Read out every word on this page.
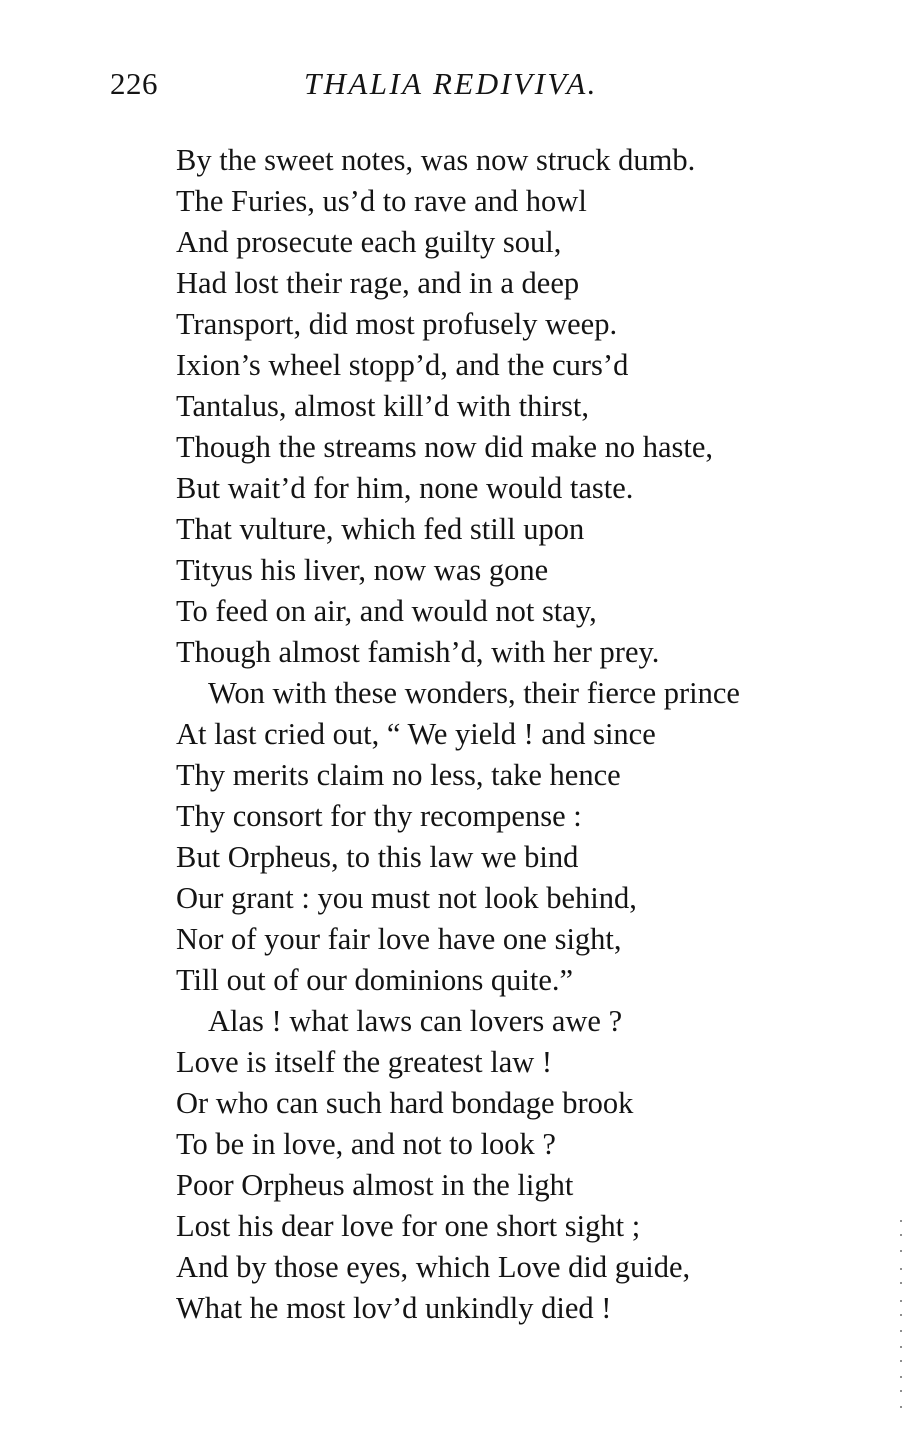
226	THALIA REDIVIVA.
By the sweet notes, was now struck dumb.
The Furies, us’d to rave and howl
And prosecute each guilty soul,
Had lost their rage, and in a deep
Transport, did most profusely weep.
Ixion’s wheel stopp’d, and the curs’d
Tantalus, almost kill’d with thirst,
Though the streams now did make no haste,
But wait’d for him, none would taste.
That vulture, which fed still upon
Tityus his liver, now was gone
To feed on air, and would not stay,
Though almost famish’d, with her prey.
Won with these wonders, their fierce prince
At last cried out, “ We yield ! and since
Thy merits claim no less, take hence
Thy consort for thy recompense :
But Orpheus, to this law we bind
Our grant : you must not look behind,
Nor of your fair love have one sight,
Till out of our dominions quite.”
Alas ! what laws can lovers awe ?
Love is itself the greatest law !
Or who can such hard bondage brook
To be in love, and not to look ?
Poor Orpheus almost in the light
Lost his dear love for one short sight ;
And by those eyes, which Love did guide,
What he most lov’d unkindly died !
